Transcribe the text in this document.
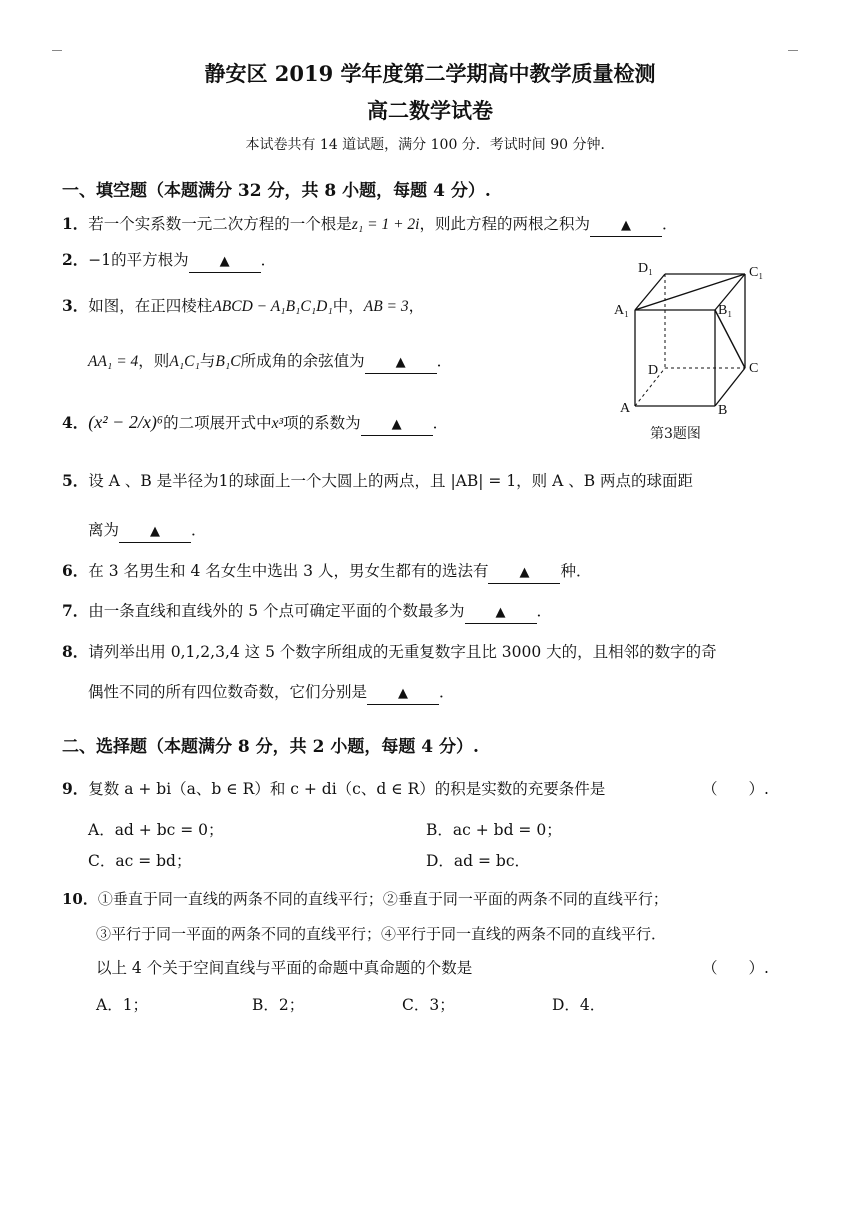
静安区 2019 学年度第二学期高中教学质量检测
高二数学试卷
本试卷共有 14 道试题，满分 100 分．考试时间 90 分钟．
一、填空题（本题满分 32 分，共 8 小题，每题 4 分）.
1．若一个实系数一元二次方程的一个根是z₁ = 1 + 2i，则此方程的两根之积为 ▲ ．
2．−1的平方根为 ▲ ．
3．如图，在正四棱柱ABCD − A₁B₁C₁D₁中，AB = 3，
AA₁ = 4，则A₁C₁与B₁C所成角的余弦值为 ▲ ．
4．(x² − 2/x)⁶的二项展开式中x³项的系数为 ▲ ．
D₁	C₁
A₁	B₁
D	C
A	B
第3题图
5．设 A 、B 是半径为1的球面上一个大圆上的两点，且 |AB| = 1，则 A 、B 两点的球面距
离为 ▲ ．
6．在 3 名男生和 4 名女生中选出 3 人，男女生都有的选法有 ▲ 种．
7．由一条直线和直线外的 5 个点可确定平面的个数最多为 ▲ ．
8．请列举出用 0,1,2,3,4 这 5 个数字所组成的无重复数字且比 3000 大的，且相邻的数字的奇
偶性不同的所有四位数奇数，它们分别是 ▲ ．
二、选择题（本题满分 8 分，共 2 小题，每题 4 分）.
9．复数 a + bi（a、b ∈ R）和 c + di（c、d ∈ R）的积是实数的充要条件是	（　　）.
A．ad + bc = 0；	B．ac + bd = 0；
C．ac = bd；	D．ad = bc．
10．①垂直于同一直线的两条不同的直线平行；②垂直于同一平面的两条不同的直线平行；
③平行于同一平面的两条不同的直线平行；④平行于同一直线的两条不同的直线平行．
以上 4 个关于空间直线与平面的命题中真命题的个数是	（　　）.
A．1；	B．2；	C．3；	D．4．
